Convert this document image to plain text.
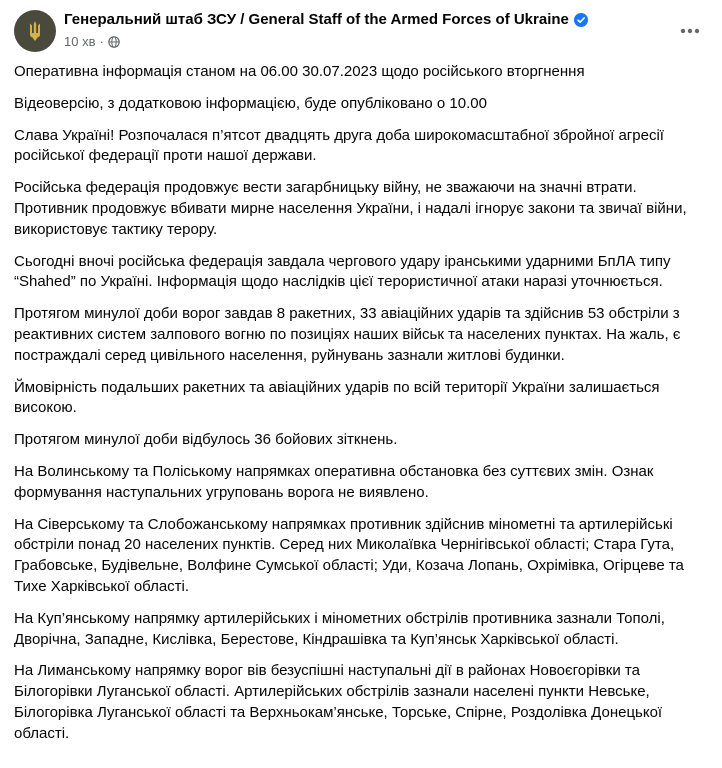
Генеральний штаб ЗСУ / General Staff of the Armed Forces of Ukraine
10 хв ·

Оперативна інформація станом на 06.00 30.07.2023 щодо російського вторгнення

Відеоверсію, з додатковою інформацією, буде опубліковано о 10.00

Слава Україні! Розпочалася п’ятсот двадцять друга доба широкомасштабної збройної агресії російської федерації проти нашої держави.

Російська федерація продовжує вести загарбницьку війну, не зважаючи на значні втрати. Противник продовжує вбивати мирне населення України, і надалі ігнорує закони та звичаї війни, використовує тактику терору.

Сьогодні вночі російська федерація завдала чергового удару іранськими ударними БпЛА типу “Shahed” по Україні. Інформація щодо наслідків цієї терористичної атаки наразі уточнюється.

Протягом минулої доби ворог завдав 8 ракетних, 33 авіаційних ударів та здійснив 53 обстріли з реактивних систем залпового вогню по позиціях наших військ та населених пунктах. На жаль, є постраждалі серед цивільного населення, руйнувань зазнали житлові будинки.

Ймовірність подальших ракетних та авіаційних ударів по всій території України залишається високою.

Протягом минулої доби відбулось 36 бойових зіткнень.

На Волинському та Поліському напрямках оперативна обстановка без суттєвих змін. Ознак формування наступальних угруповань ворога не виявлено.

На Сіверському та Слобожанському напрямках противник здійснив мінометні та артилерійські обстріли понад 20 населених пунктів. Серед них Миколаївка Чернігівської області; Стара Гута, Грабовське, Будівельне, Волфине Сумської області; Уди, Козача Лопань, Охрімівка, Огірцеве та Тихе Харківської області.

На Куп’янському напрямку артилерійських і мінометних обстрілів противника зазнали Тополі, Дворічна, Западне, Кислівка, Берестове, Кіндрашівка та Куп’янськ Харківської області.

На Лиманському напрямку ворог вів безуспішні наступальні дії в районах Новоєгорівки та Білогорівки Луганської області. Артилерійських обстрілів зазнали населені пункти Невське, Білогорівка Луганської області та Верхньокам’янське, Торське, Спірне, Роздолівка Донецької області.
